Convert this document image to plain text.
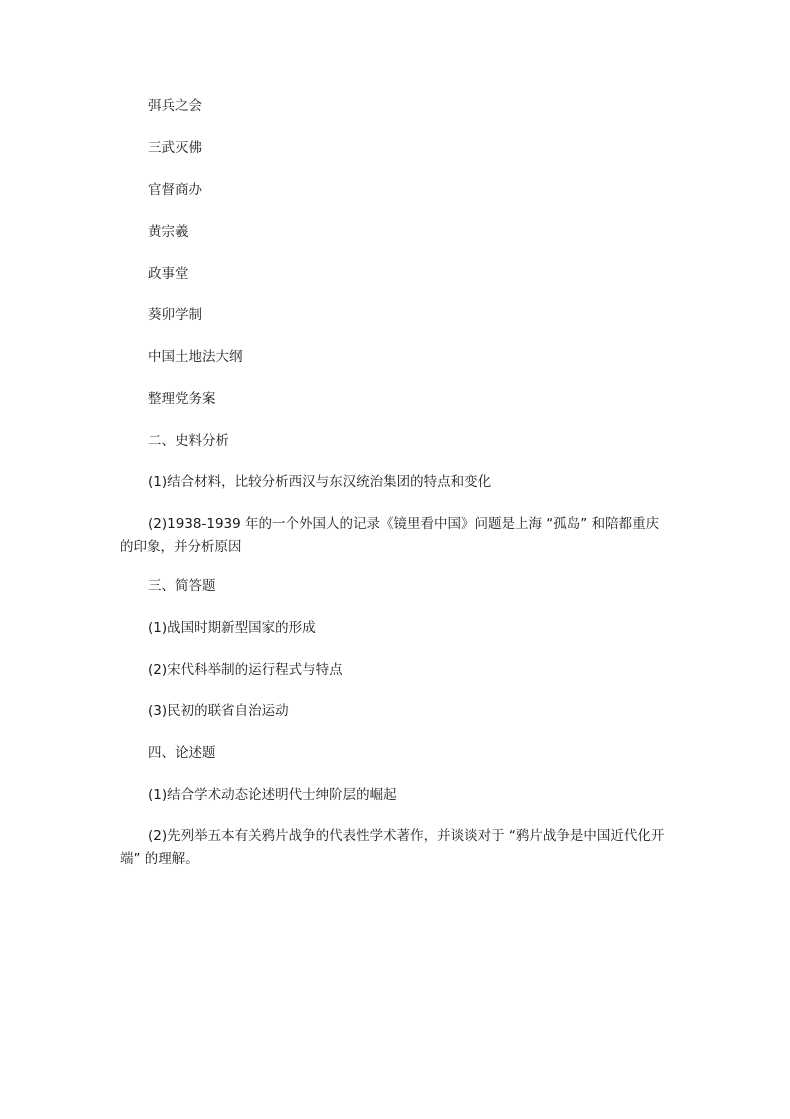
弭兵之会

三武灭佛

官督商办

黄宗羲

政事堂

葵卯学制

中国土地法大纲

整理党务案

二、史料分析

(1)结合材料，比较分析西汉与东汉统治集团的特点和变化

(2)1938-1939 年的一个外国人的记录《镜里看中国》问题是上海 “孤岛” 和陪都重庆的印象，并分析原因

三、简答题

(1)战国时期新型国家的形成

(2)宋代科举制的运行程式与特点

(3)民初的联省自治运动

四、论述题

(1)结合学术动态论述明代士绅阶层的崛起

(2)先列举五本有关鸦片战争的代表性学术著作，并谈谈对于 “鸦片战争是中国近代化开端” 的理解。
